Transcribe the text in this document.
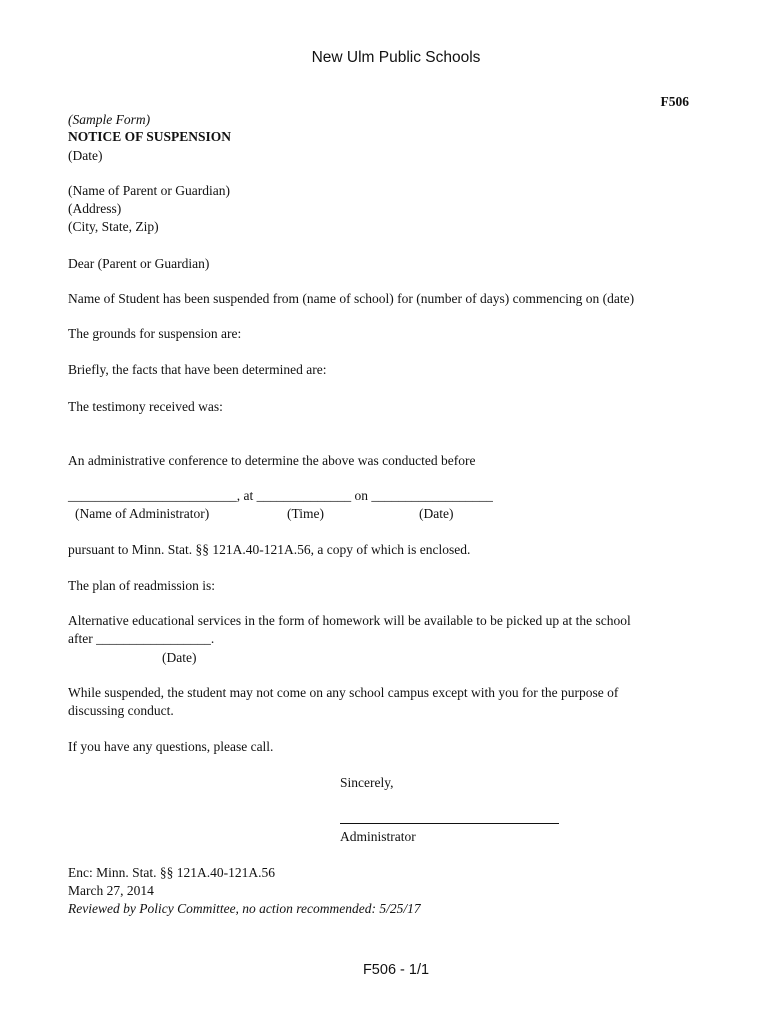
New Ulm Public Schools
F506
(Sample Form)
NOTICE OF SUSPENSION
(Date)
(Name of Parent or Guardian)
(Address)
(City, State, Zip)
Dear (Parent or Guardian)
Name of Student has been suspended from (name of school) for (number of days) commencing on (date)
The grounds for suspension are:
Briefly, the facts that have been determined are:
The testimony received was:
An administrative conference to determine the above was conducted before
_________________________, at ______________ on __________________
(Name of Administrator)	(Time)	(Date)
pursuant to Minn. Stat. §§ 121A.40-121A.56, a copy of which is enclosed.
The plan of readmission is:
Alternative educational services in the form of homework will be available to be picked up at the school
after _________________.
(Date)
While suspended, the student may not come on any school campus except with you for the purpose of
discussing conduct.
If you have any questions, please call.
Sincerely,
Administrator
Enc: Minn. Stat. §§ 121A.40-121A.56
March 27, 2014
Reviewed by Policy Committee, no action recommended: 5/25/17
F506 - 1/1
